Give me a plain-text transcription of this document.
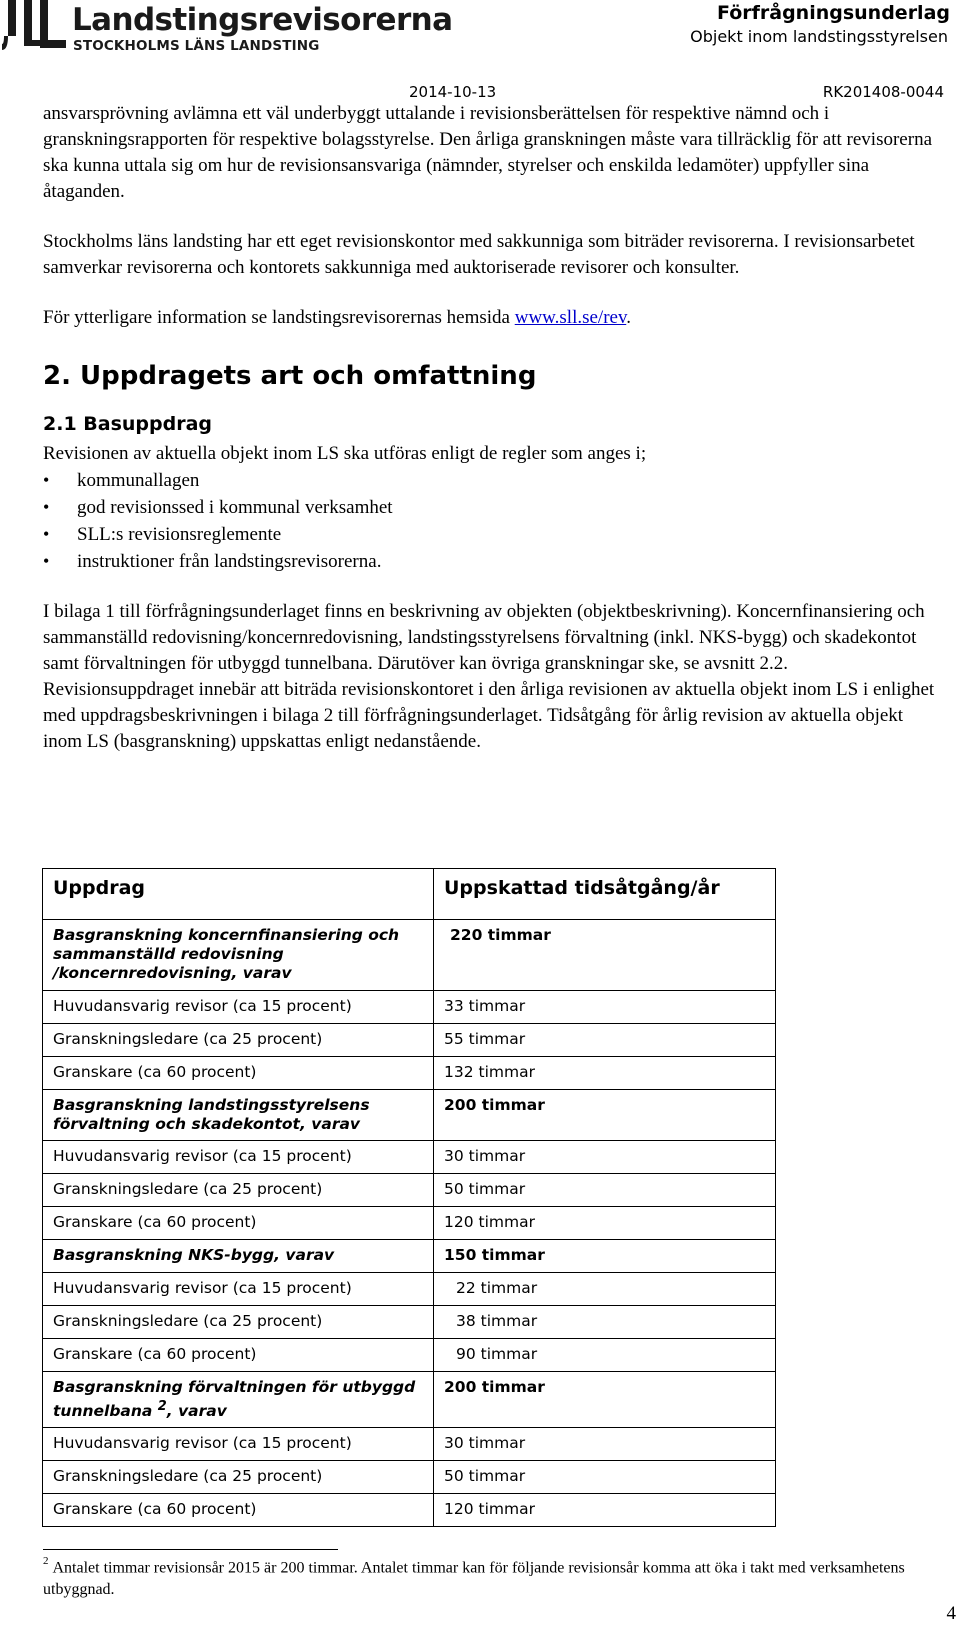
Landstingsrevisorerna
STOCKHOLMS LÄNS LANDSTING
Förfrågningsunderlag
Objekt inom landstingsstyrelsen
2014-10-13	RK201408-0044

ansvarsprövning avlämna ett väl underbyggt uttalande i revisionsberättelsen för respektive nämnd och i granskningsrapporten för respektive bolagsstyrelse. Den årliga granskningen måste vara tillräcklig för att revisorerna ska kunna uttala sig om hur de revisionsansvariga (nämnder, styrelser och enskilda ledamöter) uppfyller sina åtaganden.

Stockholms läns landsting har ett eget revisionskontor med sakkunniga som biträder revisorerna. I revisionsarbetet samverkar revisorerna och kontorets sakkunniga med auktoriserade revisorer och konsulter.

För ytterligare information se landstingsrevisorernas hemsida www.sll.se/rev.

2. Uppdragets art och omfattning
2.1 Basuppdrag

Revisionen av aktuella objekt inom LS ska utföras enligt de regler som anges i;

• kommunallagen
• god revisionssed i kommunal verksamhet
• SLL:s revisionsreglemente
• instruktioner från landstingsrevisorerna.

I bilaga 1 till förfrågningsunderlaget finns en beskrivning av objekten (objektbeskrivning). Koncernfinansiering och sammanställd redovisning/koncernredovisning, landstingsstyrelsens förvaltning (inkl. NKS-bygg) och skadekontot samt förvaltningen för utbyggd tunnelbana. Därutöver kan övriga granskningar ske, se avsnitt 2.2. Revisionsuppdraget innebär att biträda revisionskontoret i den årliga revisionen av aktuella objekt inom LS i enlighet med uppdragsbeskrivningen i bilaga 2 till förfrågningsunderlaget. Tidsåtgång för årlig revision av aktuella objekt inom LS (basgranskning) uppskattas enligt nedanstående.

Uppdrag	Uppskattad tidsåtgång/år
Basgranskning koncernfinansiering och sammanställd redovisning /koncernredovisning, varav	220 timmar
Huvudansvarig revisor (ca 15 procent)	33 timmar
Granskningsledare (ca 25 procent)	55 timmar
Granskare (ca 60 procent)	132 timmar
Basgranskning landstingsstyrelsens förvaltning och skadekontot, varav	200 timmar
Huvudansvarig revisor (ca 15 procent)	30 timmar
Granskningsledare (ca 25 procent)	50 timmar
Granskare (ca 60 procent)	120 timmar
Basgranskning NKS-bygg, varav	150 timmar
Huvudansvarig revisor (ca 15 procent)	22 timmar
Granskningsledare (ca 25 procent)	38 timmar
Granskare (ca 60 procent)	90 timmar
Basgranskning förvaltningen för utbyggd tunnelbana $^2$, varav	200 timmar
Huvudansvarig revisor (ca 15 procent)	30 timmar
Granskningsledare (ca 25 procent)	50 timmar
Granskare (ca 60 procent)	120 timmar
$^2$ Antalet timmar revisionsår 2015 är 200 timmar. Antalet timmar kan för följande revisionsår komma att öka i takt med verksamhetens utbyggnad.
4
